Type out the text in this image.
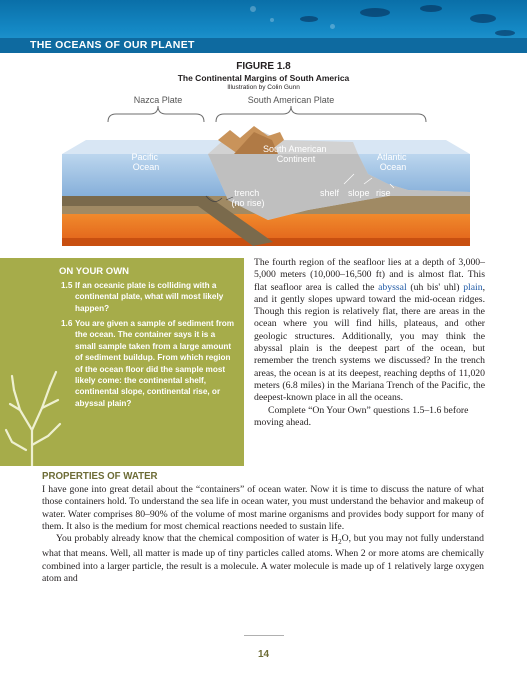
THE OCEANS OF OUR PLANET
FIGURE 1.8
The Continental Margins of South America
Illustration by Colin Gunn
Nazca Plate	South American Plate
Pacific Ocean
South American Continent	Atlantic Ocean
trench (no rise)
shelf slope rise
ON YOUR OWN
1.5 If an oceanic plate is colliding with a continental plate, what will most likely happen?
1.6 You are given a sample of sediment from the ocean. The container says it is a small sample taken from a large amount of sediment buildup. From which region of the ocean floor did the sample most likely come: the continental shelf, continental slope, continental rise, or abyssal plain?

The fourth region of the seafloor lies at a depth of 3,000–5,000 meters (10,000–16,500 ft) and is almost flat. This flat seafloor area is called the abyssal (uh bis' uhl) plain, and it gently slopes upward toward the mid-ocean ridges. Though this region is relatively flat, there are areas in the ocean where you will find hills, plateaus, and other geologic structures. Additionally, you may think the abyssal plain is the deepest part of the ocean, but remember the trench systems we discussed? In the trench areas, the ocean is at its deepest, reaching depths of 11,020 meters (6.8 miles) in the Mariana Trench of the Pacific, the deepest-known place in all the oceans.

Complete “On Your Own” questions 1.5–1.6 before moving ahead.

PROPERTIES OF WATER

I have gone into great detail about the “containers” of ocean water. Now it is time to discuss the nature of what those containers hold. To understand the sea life in ocean water, you must understand the behavior and makeup of water. Water comprises 80–90% of the volume of most marine organisms and provides body support for many of them. It also is the medium for most chemical reactions needed to sustain life.

You probably already know that the chemical composition of water is $H_2O$, but you may not fully understand what that means. Well, all matter is made up of tiny particles called atoms. When 2 or more atoms are chemically combined into a larger particle, the result is a molecule. A water molecule is made up of 1 relatively large oxygen atom and

14
